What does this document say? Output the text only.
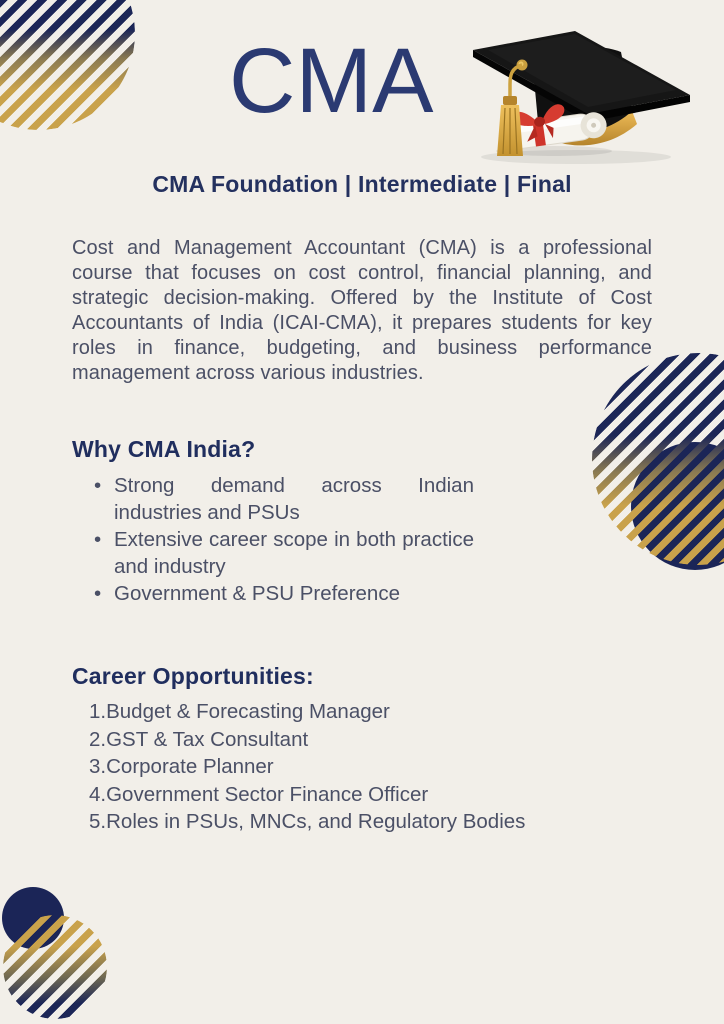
CMA

CMA Foundation | Intermediate | Final

Cost and Management Accountant (CMA) is a professional course that focuses on cost control, financial planning, and strategic decision-making. Offered by the Institute of Cost Accountants of India (ICAI-CMA), it prepares students for key roles in finance, budgeting, and business performance management across various industries.

Why CMA India?
• Strong demand across Indian industries and PSUs
• Extensive career scope in both practice and industry
• Government & PSU Preference
Career Opportunities:
Budget & Forecasting Manager
GST & Tax Consultant
Corporate Planner
Government Sector Finance Officer
Roles in PSUs, MNCs, and Regulatory Bodies
